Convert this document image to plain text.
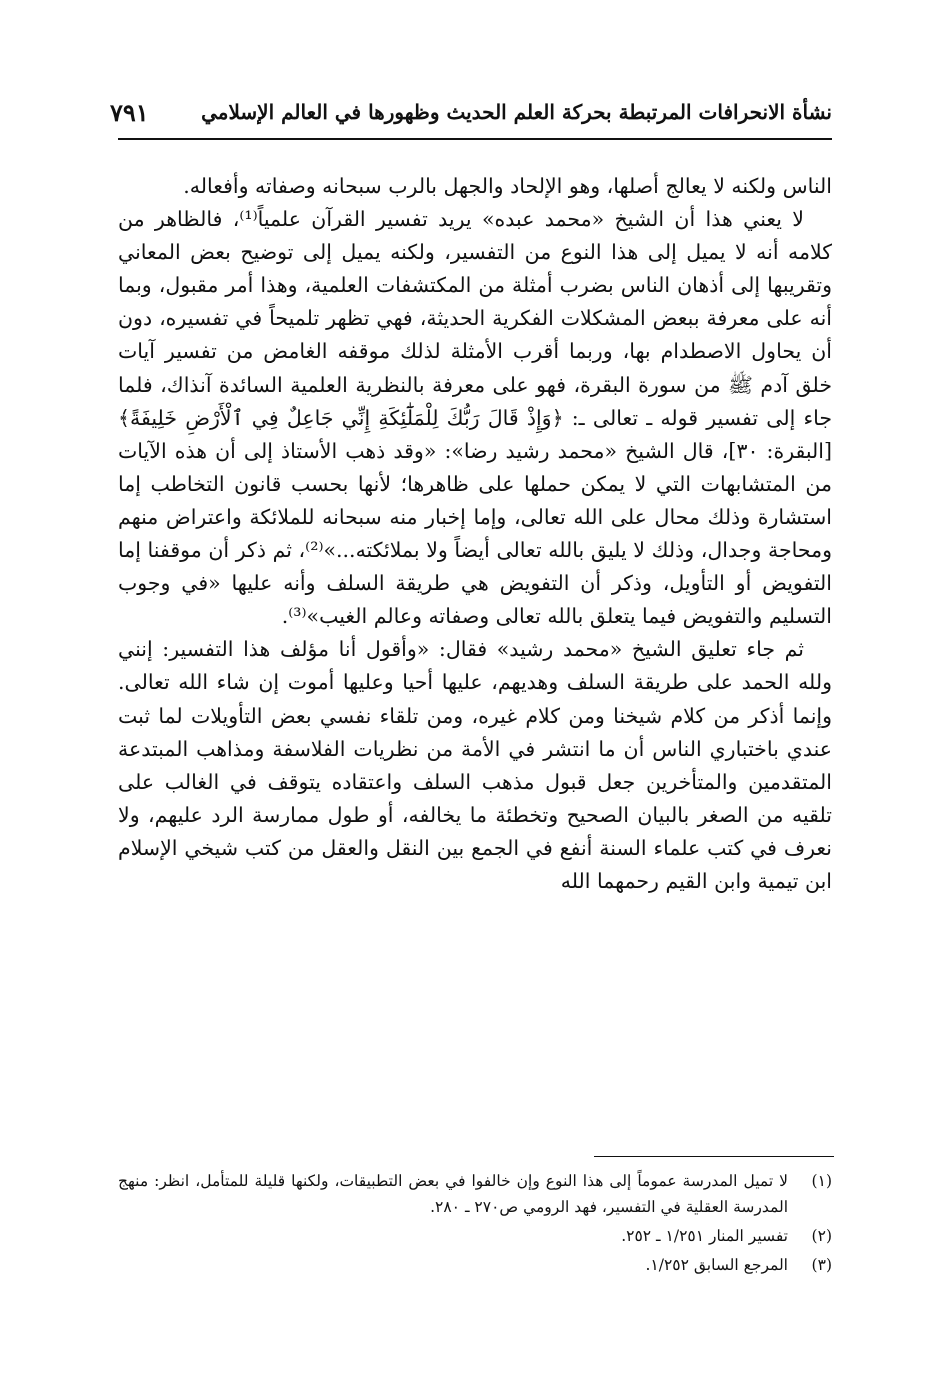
نشأة الانحرافات المرتبطة بحركة العلم الحديث وظهورها في العالم الإسلامي
٧٩١

الناس ولكنه لا يعالج أصلها، وهو الإلحاد والجهل بالرب سبحانه وصفاته وأفعاله.

لا يعني هذا أن الشيخ «محمد عبده» يريد تفسير القرآن علمياً⁽¹⁾، فالظاهر من كلامه أنه لا يميل إلى هذا النوع من التفسير، ولكنه يميل إلى توضيح بعض المعاني وتقريبها إلى أذهان الناس بضرب أمثلة من المكتشفات العلمية، وهذا أمر مقبول، وبما أنه على معرفة ببعض المشكلات الفكرية الحديثة، فهي تظهر تلميحاً في تفسيره، دون أن يحاول الاصطدام بها، وربما أقرب الأمثلة لذلك موقفه الغامض من تفسير آيات خلق آدم ﷺ من سورة البقرة، فهو على معرفة بالنظرية العلمية السائدة آنذاك، فلما جاء إلى تفسير قوله ـ تعالى ـ: ﴿وَإِذْ قَالَ رَبُّكَ لِلْمَلَٰٓئِكَةِ إِنِّي جَاعِلٌ فِي ٱلْأَرْضِ خَلِيفَةً﴾ [البقرة: ٣٠]، قال الشيخ «محمد رشيد رضا»: «وقد ذهب الأستاذ إلى أن هذه الآيات من المتشابهات التي لا يمكن حملها على ظاهرها؛ لأنها بحسب قانون التخاطب إما استشارة وذلك محال على الله تعالى، وإما إخبار منه سبحانه للملائكة واعتراض منهم ومحاجة وجدال، وذلك لا يليق بالله تعالى أيضاً ولا بملائكته...»⁽²⁾، ثم ذكر أن موقفنا إما التفويض أو التأويل، وذكر أن التفويض هي طريقة السلف وأنه عليها «في وجوب التسليم والتفويض فيما يتعلق بالله تعالى وصفاته وعالم الغيب»⁽³⁾.

ثم جاء تعليق الشيخ «محمد رشيد» فقال: «وأقول أنا مؤلف هذا التفسير: إنني ولله الحمد على طريقة السلف وهديهم، عليها أحيا وعليها أموت إن شاء الله تعالى. وإنما أذكر من كلام شيخنا ومن كلام غيره، ومن تلقاء نفسي بعض التأويلات لما ثبت عندي باختباري الناس أن ما انتشر في الأمة من نظريات الفلاسفة ومذاهب المبتدعة المتقدمين والمتأخرين جعل قبول مذهب السلف واعتقاده يتوقف في الغالب على تلقيه من الصغر بالبيان الصحيح وتخطئة ما يخالفه، أو طول ممارسة الرد عليهم، ولا نعرف في كتب علماء السنة أنفع في الجمع بين النقل والعقل من كتب شيخي الإسلام ابن تيمية وابن القيم رحمهما الله

(١)
لا تميل المدرسة عموماً إلى هذا النوع وإن خالفوا في بعض التطبيقات، ولكنها قليلة للمتأمل، انظر: منهج المدرسة العقلية في التفسير، فهد الرومي ص٢٧٠ ـ ٢٨٠.
(٢)
تفسير المنار ١/٢٥١ ـ ٢٥٢.
(٣)
المرجع السابق ١/٢٥٢.
